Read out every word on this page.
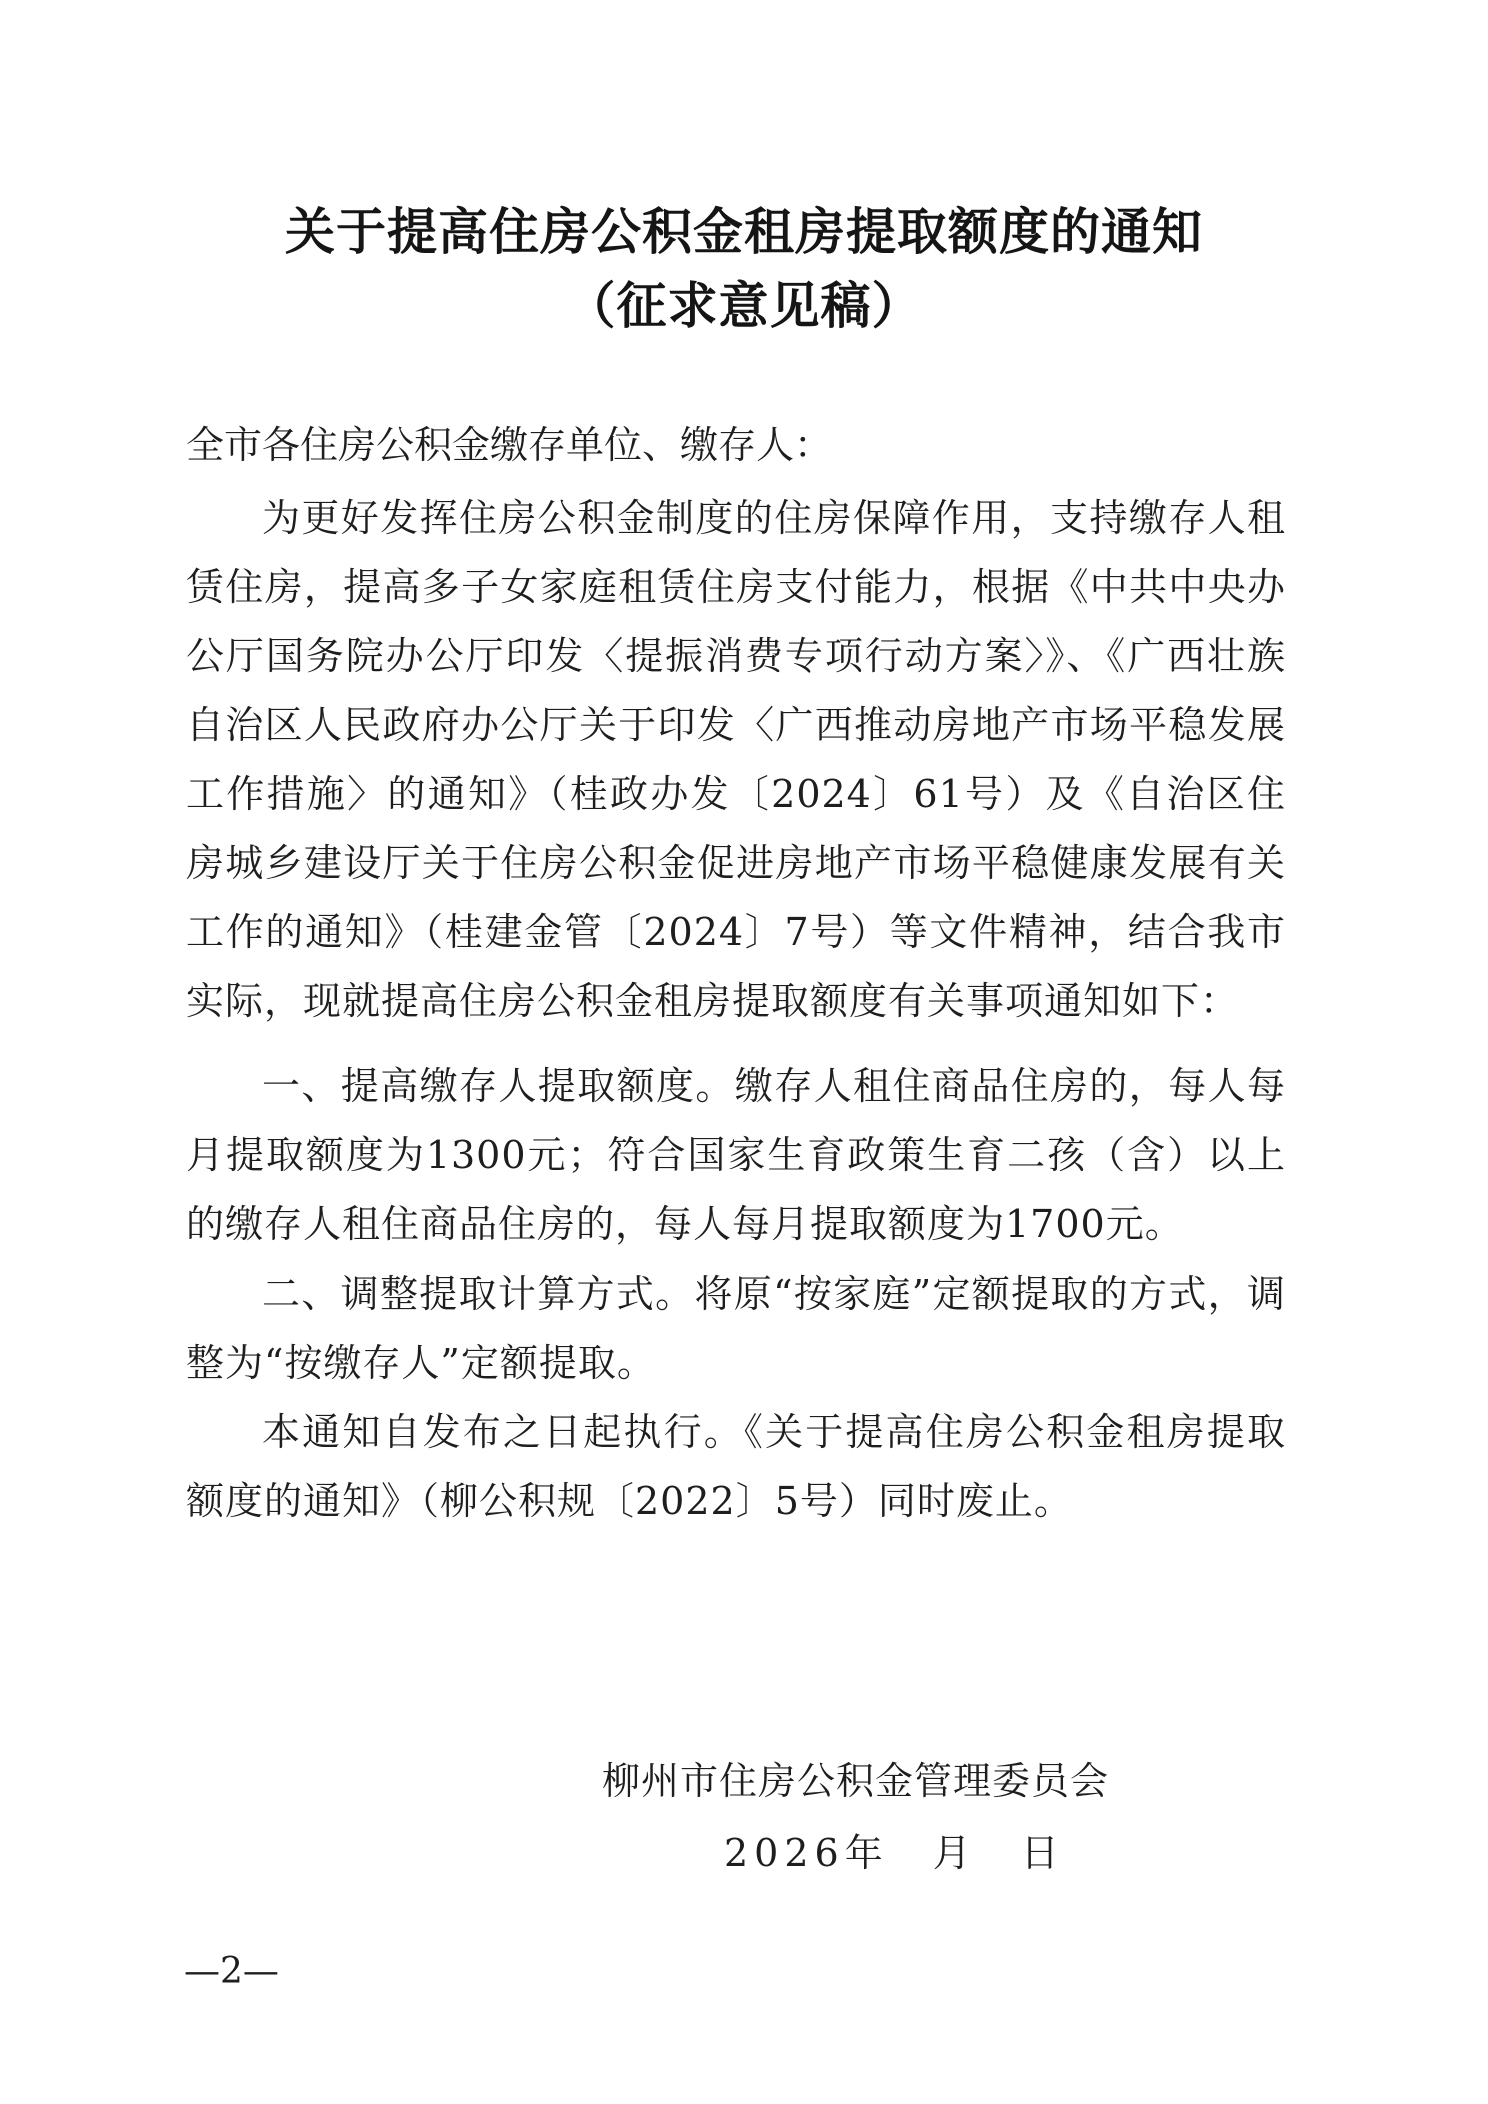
关于提高住房公积金租房提取额度的通知
（征求意见稿）
全市各住房公积金缴存单位、缴存人：

为更好发挥住房公积金制度的住房保障作用，支持缴存人租赁住房，提高多子女家庭租赁住房支付能力，根据《中共中央办公厅国务院办公厅印发〈提振消费专项行动方案〉》、《广西壮族自治区人民政府办公厅关于印发〈广西推动房地产市场平稳发展工作措施〉的通知》（桂政办发〔2024〕61号）及《自治区住房城乡建设厅关于住房公积金促进房地产市场平稳健康发展有关工作的通知》（桂建金管〔2024〕7号）等文件精神，结合我市实际，现就提高住房公积金租房提取额度有关事项通知如下：

一、提高缴存人提取额度。缴存人租住商品住房的，每人每月提取额度为1300元；符合国家生育政策生育二孩（含）以上的缴存人租住商品住房的，每人每月提取额度为1700元。

二、调整提取计算方式。将原“按家庭”定额提取的方式，调整为“按缴存人”定额提取。

本通知自发布之日起执行。《关于提高住房公积金租房提取额度的通知》（柳公积规〔2022〕5号）同时废止。

柳州市住房公积金管理委员会
2026年　月　日
—2—
